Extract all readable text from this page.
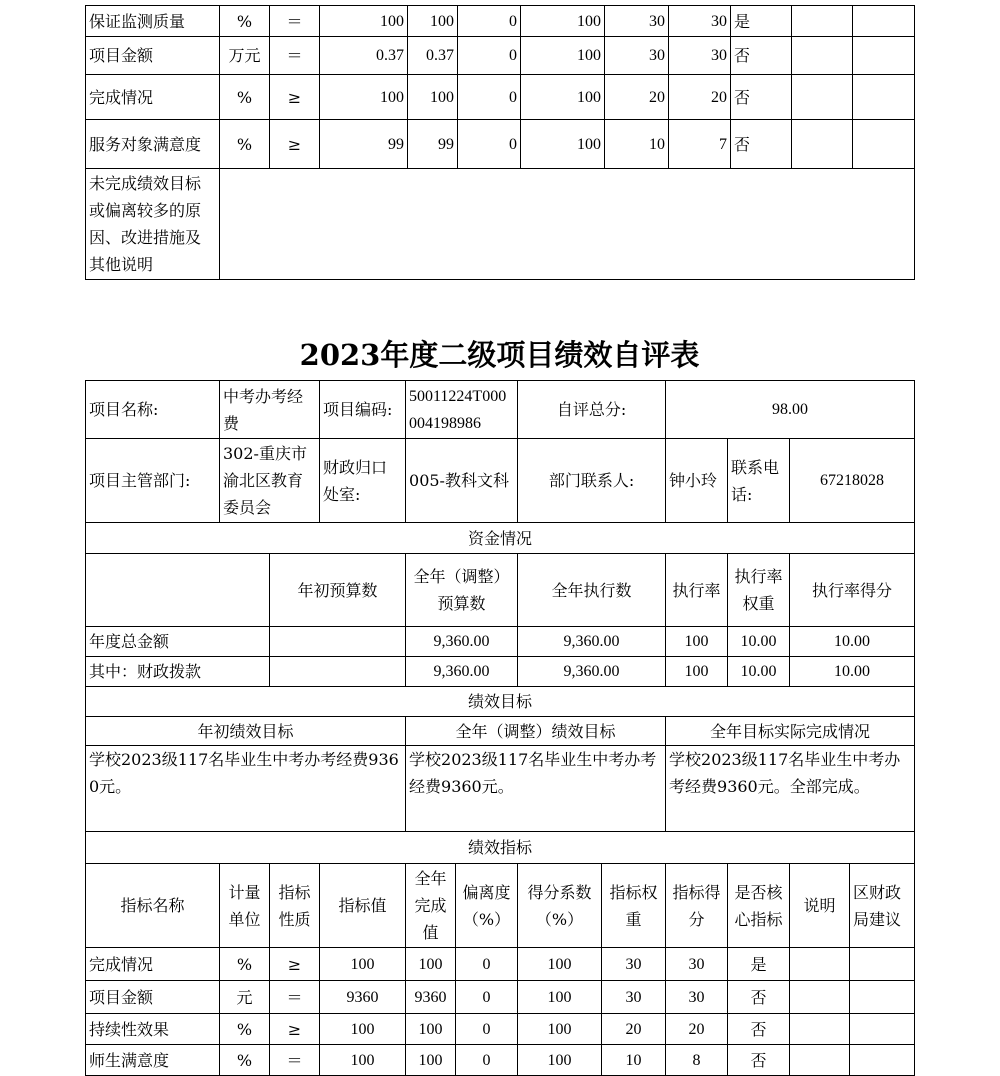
保证监测质量	%	＝	100	100	0	100	30	30	是		
项目金额	万元	＝	0.37	0.37	0	100	30	30	否		
完成情况	%	≥	100	100	0	100	20	20	否		
服务对象满意度	%	≥	99	99	0	100	10	7	否		
未完成绩效目标或偏离较多的原因、改进措施及其他说明											
2023年度二级项目绩效自评表
项目名称:	中考办考经费		项目编码:	50011224T000004198986		自评总分:		98.00			
项目主管部门:	302-重庆市渝北区教育委员会		财政归口处室:	005-教科文科		部门联系人:		钟小玲	联系电话:	67218028	
资金情况											
		年初预算数		全年（调整）预算数		全年执行数		执行率	执行率权重	执行率得分	
年度总金额				9,360.00		9,360.00		100	10.00	10.00	
其中：财政拨款				9,360.00		9,360.00		100	10.00	10.00	
绩效目标											
年初绩效目标				全年（调整）绩效目标				全年目标实际完成情况			
学校2023级117名毕业生中考办考经费9360元。				学校2023级117名毕业生中考办考经费9360元。				学校2023级117名毕业生中考办考经费9360元。全部完成。			
绩效指标											
指标名称	计量单位	指标性质	指标值	全年完成值	偏离度（%）	得分系数（%）	指标权重	指标得分	是否核心指标	说明	区财政局建议
完成情况	%	≥	100	100	0	100	30	30	是		
项目金额	元	＝	9360	9360	0	100	30	30	否		
持续性效果	%	≥	100	100	0	100	20	20	否		
师生满意度	%	＝	100	100	0	100	10	8	否		
